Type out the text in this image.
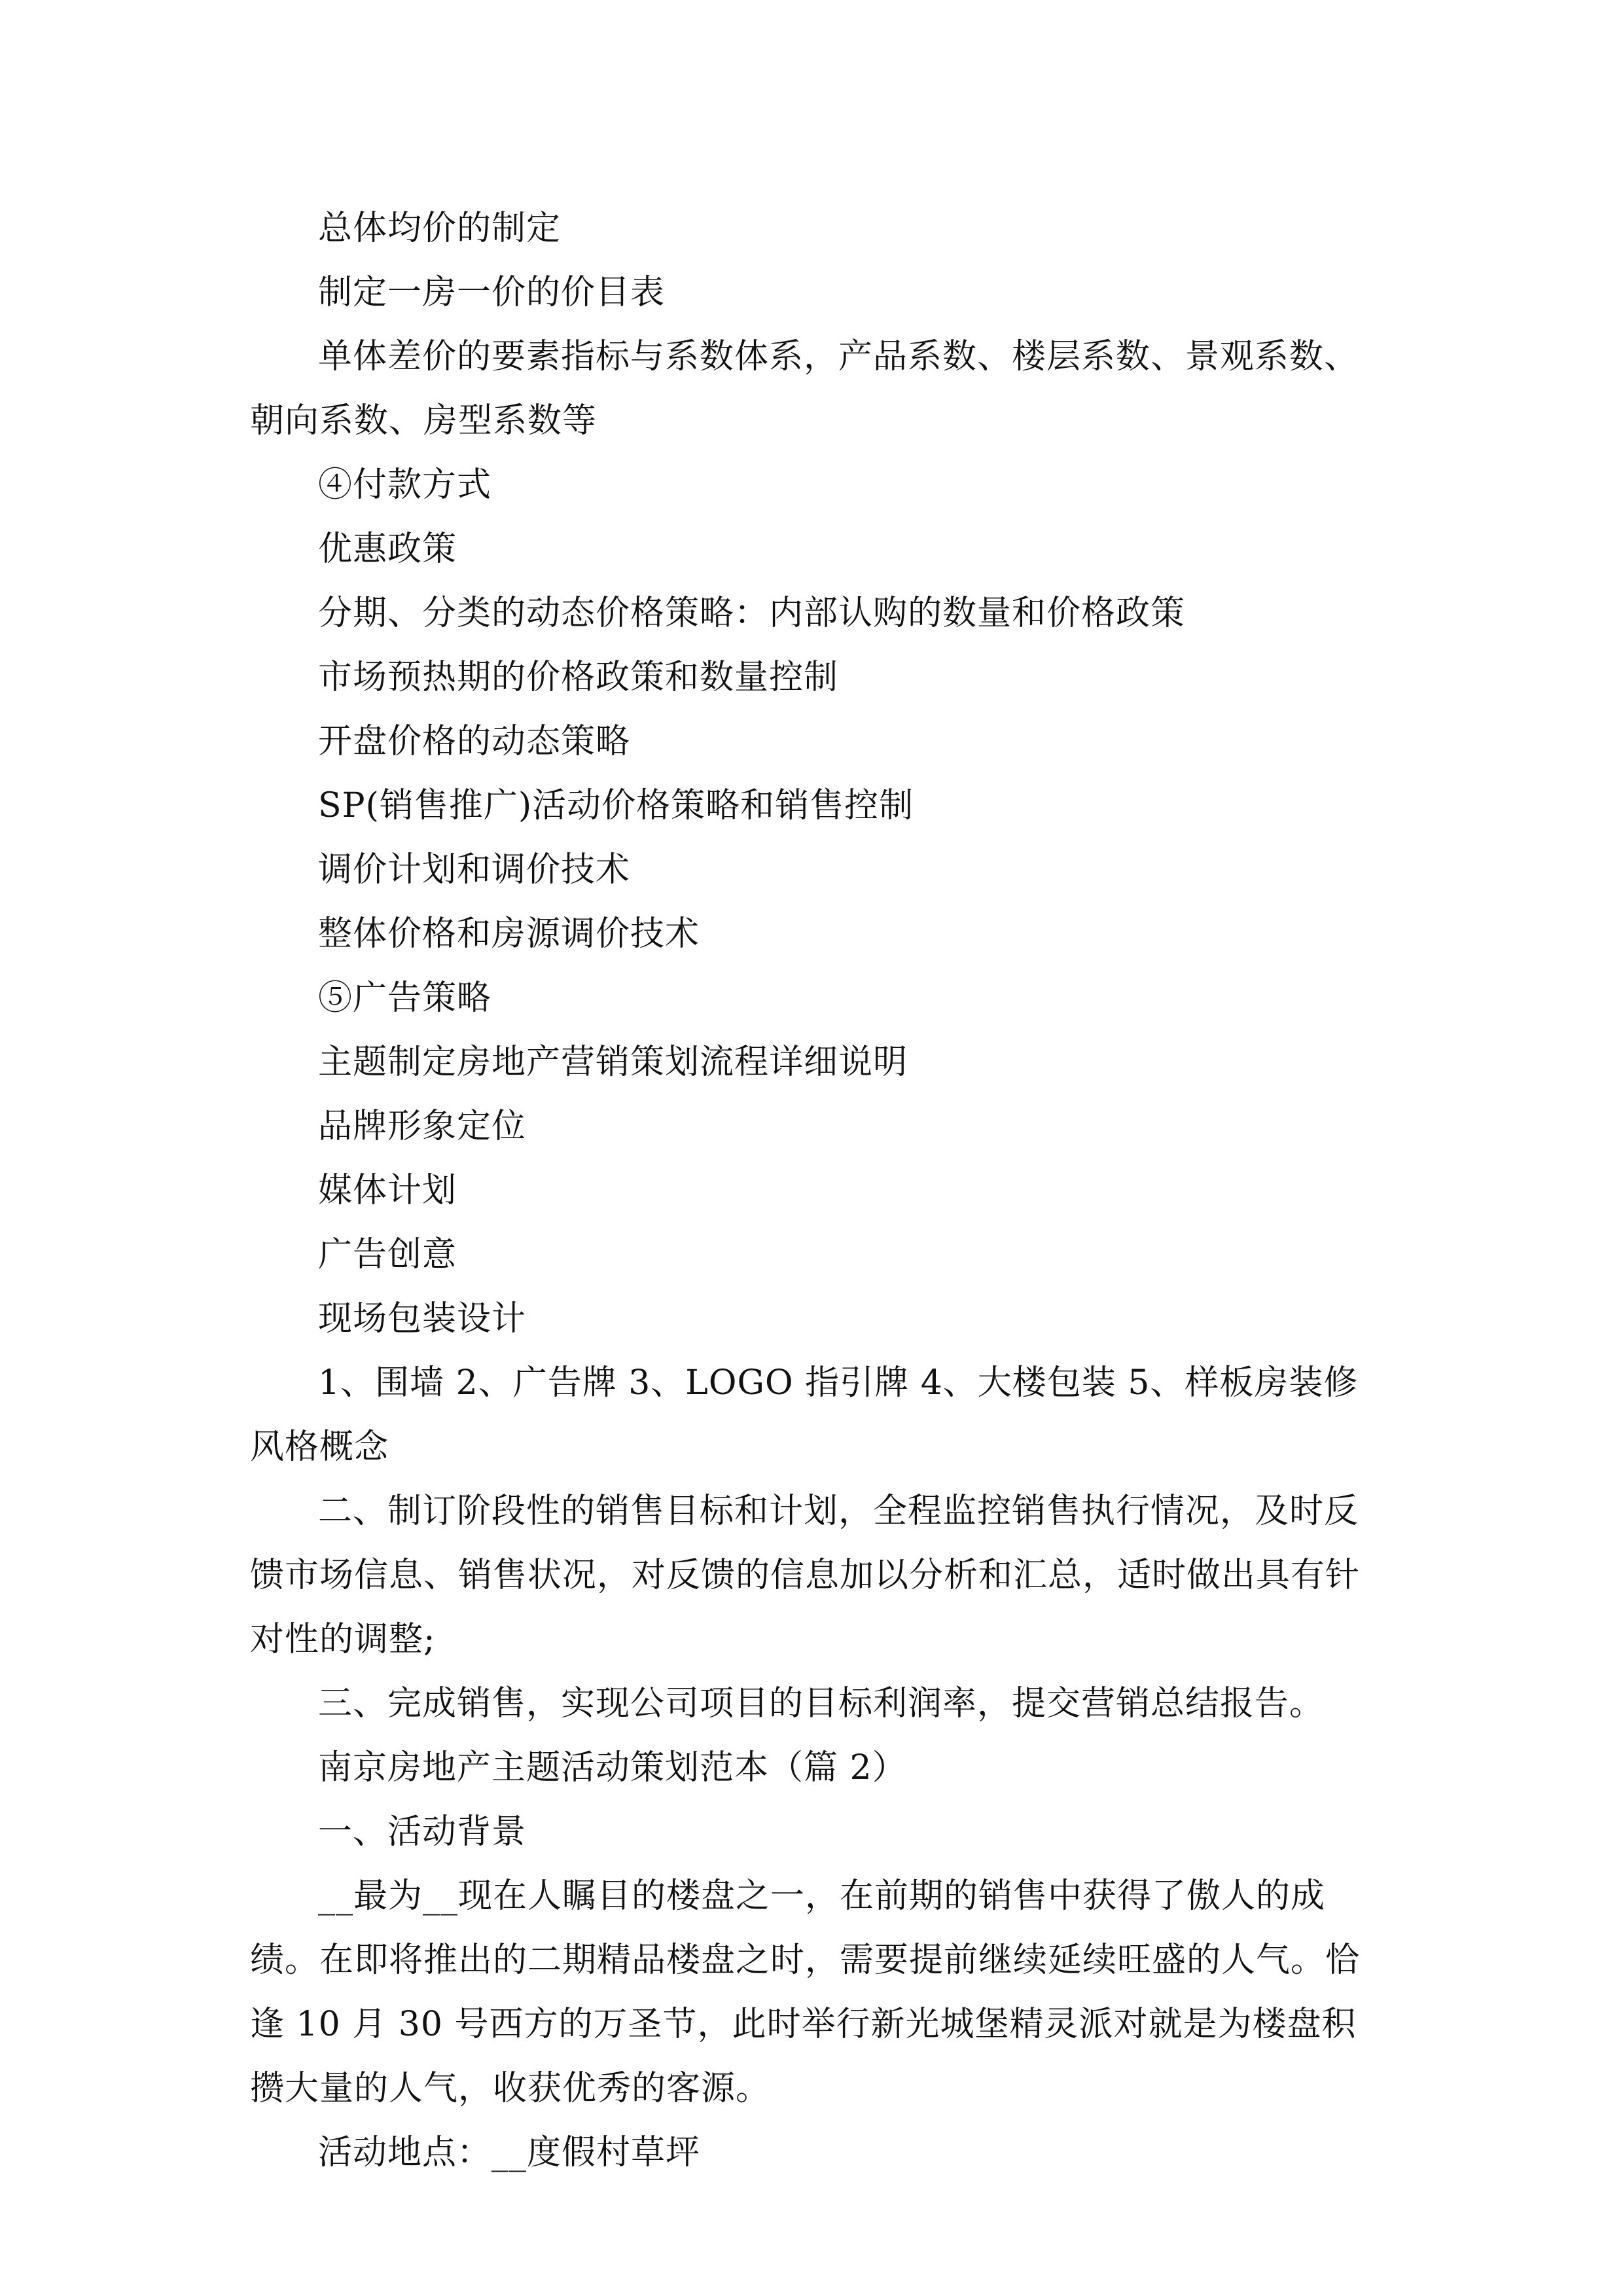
总体均价的制定

制定一房一价的价目表

单体差价的要素指标与系数体系，产品系数、楼层系数、景观系数、朝向系数、房型系数等

④付款方式

优惠政策

分期、分类的动态价格策略：内部认购的数量和价格政策

市场预热期的价格政策和数量控制

开盘价格的动态策略

SP(销售推广)活动价格策略和销售控制

调价计划和调价技术

整体价格和房源调价技术

⑤广告策略

主题制定房地产营销策划流程详细说明

品牌形象定位

媒体计划

广告创意

现场包装设计

1、围墙 2、广告牌 3、LOGO 指引牌 4、大楼包装 5、样板房装修风格概念

二、制订阶段性的销售目标和计划，全程监控销售执行情况，及时反馈市场信息、销售状况，对反馈的信息加以分析和汇总，适时做出具有针对性的调整;

三、完成销售，实现公司项目的目标利润率，提交营销总结报告。

南京房地产主题活动策划范本（篇 2）

一、活动背景

__最为__现在人瞩目的楼盘之一，在前期的销售中获得了傲人的成绩。在即将推出的二期精品楼盘之时，需要提前继续延续旺盛的人气。恰逢 10 月 30 号西方的万圣节，此时举行新光城堡精灵派对就是为楼盘积攒大量的人气，收获优秀的客源。

活动地点：__度假村草坪
